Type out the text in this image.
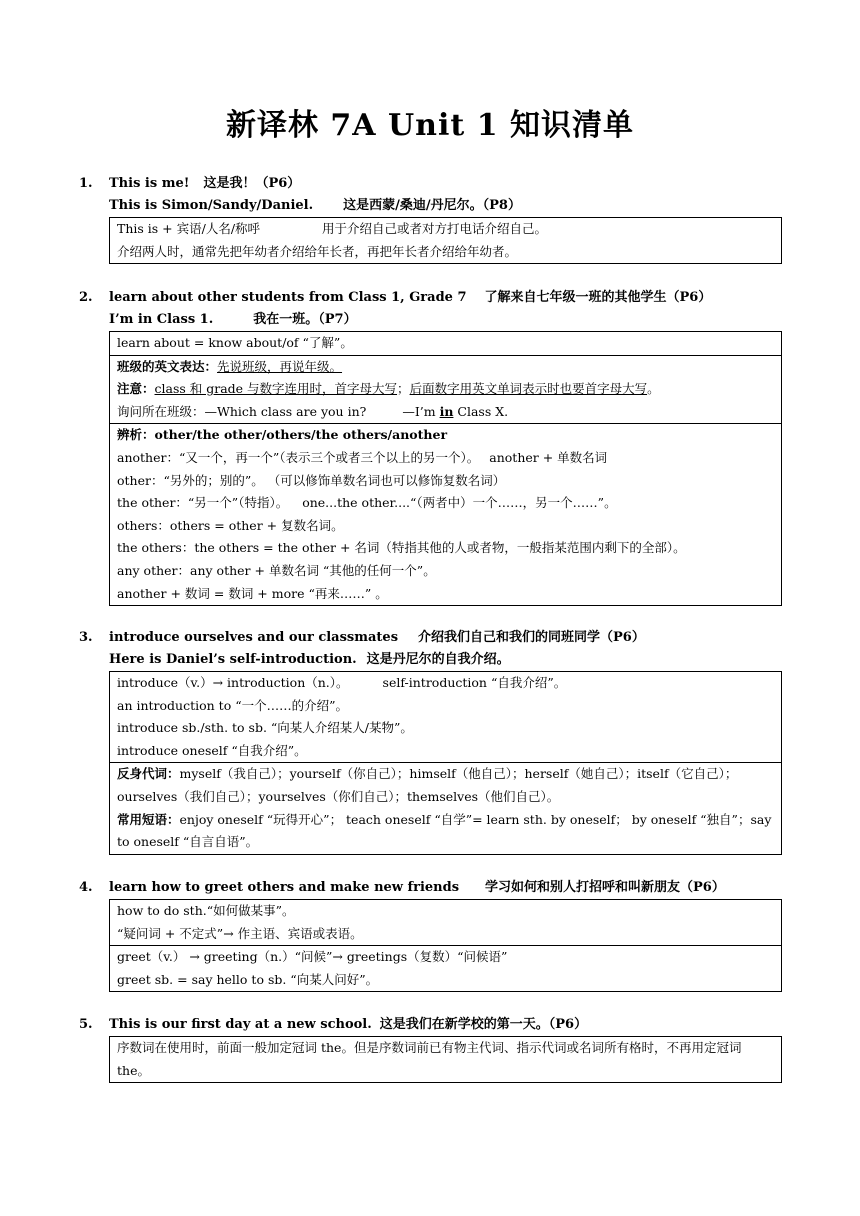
新译林 7A Unit 1 知识清单
1. This is me! 这是我！（P6）
This is Simon/Sandy/Daniel. 这是西蒙/桑迪/丹尼尔。（P8）
This is + 宾语/人名/称呼	用于介绍自己或者对方打电话介绍自己。
介绍两人时，通常先把年幼者介绍给年长者，再把年长者介绍给年幼者。
2. learn about other students from Class 1, Grade 7 了解来自七年级一班的其他学生（P6）
I’m in Class 1.	我在一班。（P7）
learn about = know about/of “了解”。
班级的英文表达：先说班级，再说年级。
注意：class 和 grade 与数字连用时，首字母大写；后面数字用英文单词表示时也要首字母大写。
询问所在班级：—Which class are you in?	—I’m in Class X.
辨析：other/the other/others/the others/another
another：“又一个，再一个”（表示三个或者三个以上的另一个）。 another + 单数名词
other：“另外的；别的”。 （可以修饰单数名词也可以修饰复数名词）
the other：“另一个”（特指）。 one...the other....“（两者中）一个……，另一个……”。
others：others = other + 复数名词。
the others：the others = the other + 名词（特指其他的人或者物，一般指某范围内剩下的全部）。
any other：any other + 单数名词 “其他的任何一个”。
another + 数词 = 数词 + more “再来……” 。
3. introduce ourselves and our classmates 介绍我们自己和我们的同班同学（P6）
Here is Daniel’s self-introduction. 这是丹尼尔的自我介绍。
introduce（v.）→ introduction（n.）。	self-introduction “自我介绍”。
an introduction to “一个……的介绍”。
introduce sb./sth. to sb. “向某人介绍某人/某物”。
introduce oneself “自我介绍”。
反身代词：myself（我自己）；yourself（你自己）；himself（他自己）；herself（她自己）；itself（它自己）；ourselves（我们自己）；yourselves（你们自己）；themselves（他们自己）。
常用短语：enjoy oneself “玩得开心”； teach oneself “自学”= learn sth. by oneself； by oneself “独自”；say to oneself “自言自语”。
4. learn how to greet others and make new friends 学习如何和别人打招呼和叫新朋友（P6）
how to do sth.“如何做某事”。
“疑问词 + 不定式”→ 作主语、宾语或表语。
greet（v.） → greeting（n.）“问候”→ greetings（复数）“问候语”
greet sb. = say hello to sb. “向某人问好”。
5. This is our first day at a new school. 这是我们在新学校的第一天。（P6）
序数词在使用时，前面一般加定冠词 the。但是序数词前已有物主代词、指示代词或名词所有格时，不再用定冠词 the。
